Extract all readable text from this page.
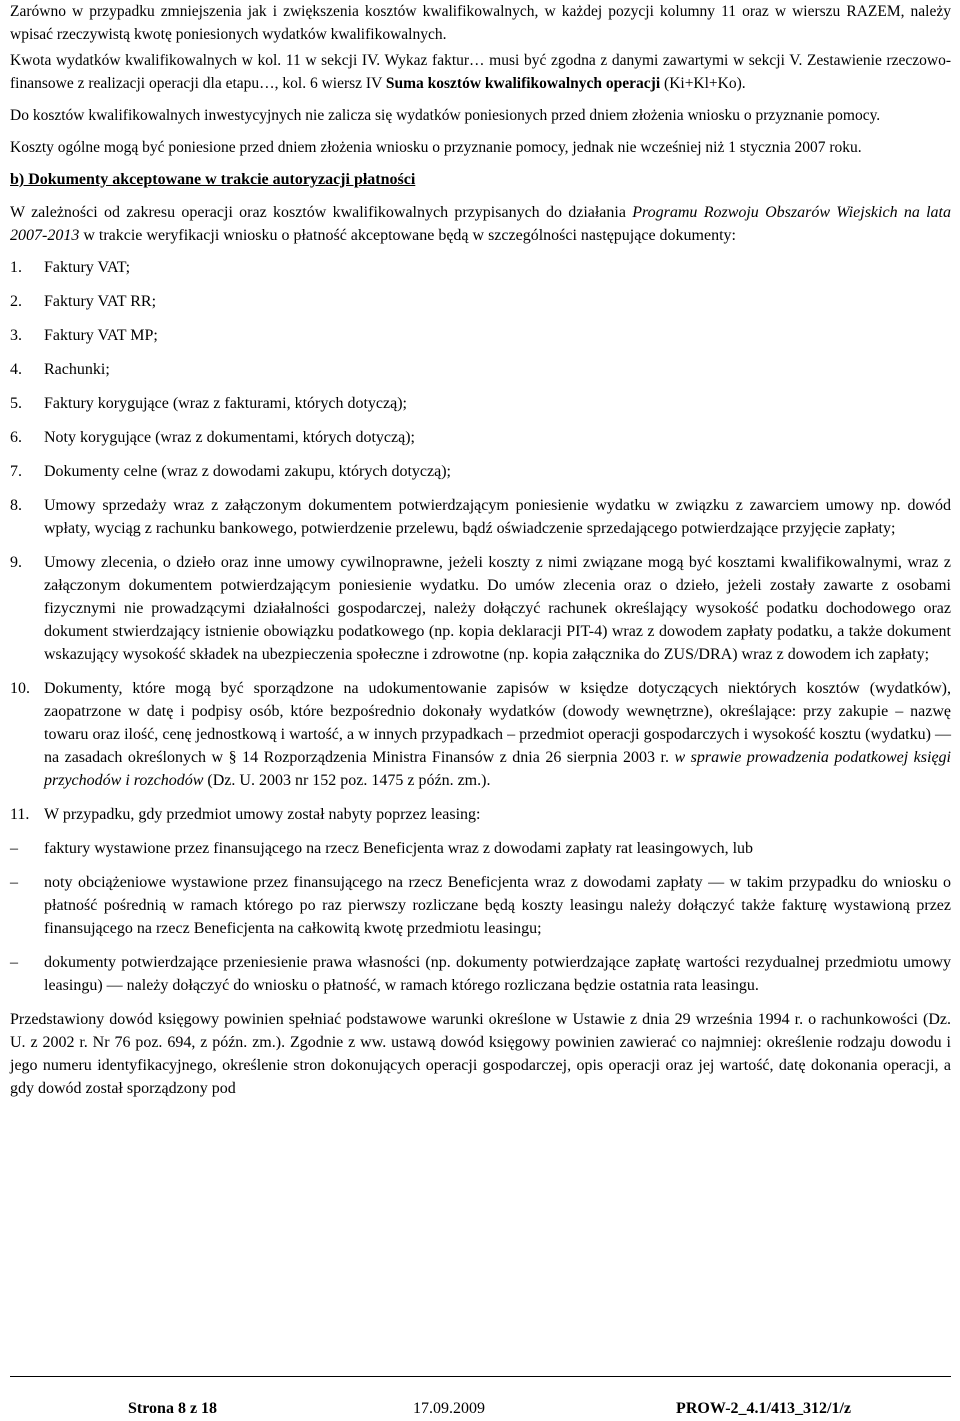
Zarówno w przypadku zmniejszenia jak i zwiększenia kosztów kwalifikowalnych, w każdej pozycji kolumny 11 oraz w wierszu RAZEM, należy wpisać rzeczywistą kwotę poniesionych wydatków kwalifikowalnych.

Kwota wydatków kwalifikowalnych w kol. 11 w sekcji IV. Wykaz faktur… musi być zgodna z danymi zawartymi w sekcji V. Zestawienie rzeczowo- finansowe z realizacji operacji dla etapu…, kol. 6 wiersz IV Suma kosztów kwalifikowalnych operacji (Ki+Kl+Ko).

Do kosztów kwalifikowalnych inwestycyjnych nie zalicza się wydatków poniesionych przed dniem złożenia wniosku o przyznanie pomocy.

Koszty ogólne mogą być poniesione przed dniem złożenia wniosku o przyznanie pomocy, jednak nie wcześniej niż 1 stycznia 2007 roku.

b) Dokumenty akceptowane w trakcie autoryzacji płatności

W zależności od zakresu operacji oraz kosztów kwalifikowalnych przypisanych do działania Programu Rozwoju Obszarów Wiejskich na lata 2007-2013 w trakcie weryfikacji wniosku o płatność akceptowane będą w szczególności następujące dokumenty:

1. Faktury VAT;
2. Faktury VAT RR;
3. Faktury VAT MP;
4. Rachunki;
5. Faktury korygujące (wraz z fakturami, których dotyczą);
6. Noty korygujące (wraz z dokumentami, których dotyczą);
7. Dokumenty celne (wraz z dowodami zakupu, których dotyczą);
8. Umowy sprzedaży wraz z załączonym dokumentem potwierdzającym poniesienie wydatku w związku z zawarciem umowy np. dowód wpłaty, wyciąg z rachunku bankowego, potwierdzenie przelewu, bądź oświadczenie sprzedającego potwierdzające przyjęcie zapłaty;
9. Umowy zlecenia, o dzieło oraz inne umowy cywilnoprawne, jeżeli koszty z nimi związane mogą być kosztami kwalifikowalnymi, wraz z załączonym dokumentem potwierdzającym poniesienie wydatku. Do umów zlecenia oraz o dzieło, jeżeli zostały zawarte z osobami fizycznymi nie prowadzącymi działalności gospodarczej, należy dołączyć rachunek określający wysokość podatku dochodowego oraz dokument stwierdzający istnienie obowiązku podatkowego (np. kopia deklaracji PIT-4) wraz z dowodem zapłaty podatku, a także dokument wskazujący wysokość składek na ubezpieczenia społeczne i zdrowotne (np. kopia załącznika do ZUS/DRA) wraz z dowodem ich zapłaty;
10. Dokumenty, które mogą być sporządzone na udokumentowanie zapisów w księdze dotyczących niektórych kosztów (wydatków), zaopatrzone w datę i podpisy osób, które bezpośrednio dokonały wydatków (dowody wewnętrzne), określające: przy zakupie – nazwę towaru oraz ilość, cenę jednostkową i wartość, a w innych przypadkach – przedmiot operacji gospodarczych i wysokość kosztu (wydatku) — na zasadach określonych w § 14 Rozporządzenia Ministra Finansów z dnia 26 sierpnia 2003 r. w sprawie prowadzenia podatkowej księgi przychodów i rozchodów (Dz. U. 2003 nr 152 poz. 1475 z późn. zm.).
11. W przypadku, gdy przedmiot umowy został nabyty poprzez leasing:
– faktury wystawione przez finansującego na rzecz Beneficjenta wraz z dowodami zapłaty rat leasingowych, lub
– noty obciążeniowe wystawione przez finansującego na rzecz Beneficjenta wraz z dowodami zapłaty — w takim przypadku do wniosku o płatność pośrednią w ramach którego po raz pierwszy rozliczane będą koszty leasingu należy dołączyć także fakturę wystawioną przez finansującego na rzecz Beneficjenta na całkowitą kwotę przedmiotu leasingu;
– dokumenty potwierdzające przeniesienie prawa własności (np. dokumenty potwierdzające zapłatę wartości rezydualnej przedmiotu umowy leasingu) — należy dołączyć do wniosku o płatność, w ramach którego rozliczana będzie ostatnia rata leasingu.

Przedstawiony dowód księgowy powinien spełniać podstawowe warunki określone w Ustawie z dnia 29 września 1994 r. o rachunkowości (Dz. U. z 2002 r. Nr 76 poz. 694, z późn. zm.). Zgodnie z ww. ustawą dowód księgowy powinien zawierać co najmniej: określenie rodzaju dowodu i jego numeru identyfikacyjnego, określenie stron dokonujących operacji gospodarczej, opis operacji oraz jej wartość, datę dokonania operacji, a gdy dowód został sporządzony pod

Strona 8 z 18	17.09.2009	PROW-2_4.1/413_312/1/z
